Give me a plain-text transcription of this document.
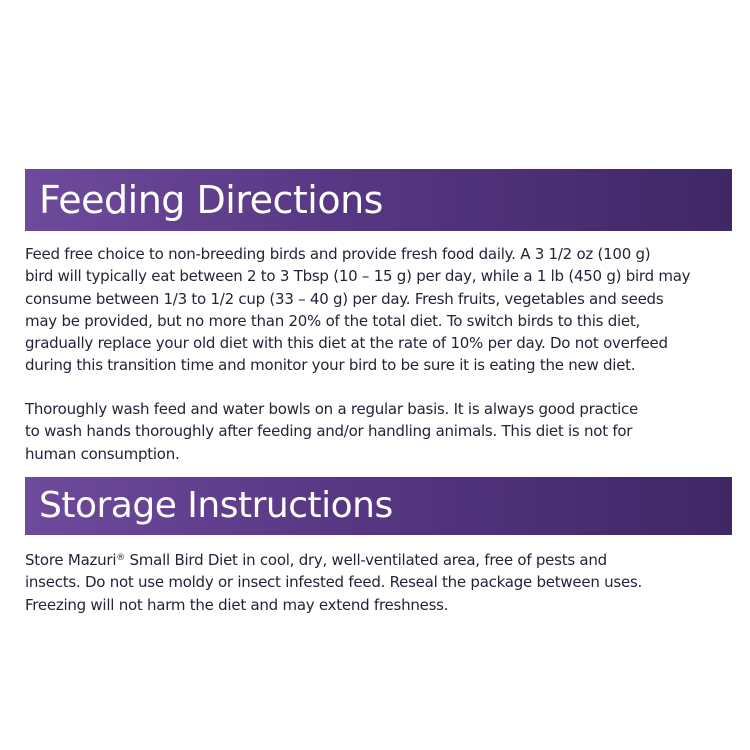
Feeding Directions

Feed free choice to non-breeding birds and provide fresh food daily. A 3 1/2 oz (100 g)
bird will typically eat between 2 to 3 Tbsp (10 – 15 g) per day, while a 1 lb (450 g) bird may
consume between 1/3 to 1/2 cup (33 – 40 g) per day. Fresh fruits, vegetables and seeds
may be provided, but no more than 20% of the total diet. To switch birds to this diet,
gradually replace your old diet with this diet at the rate of 10% per day. Do not overfeed
during this transition time and monitor your bird to be sure it is eating the new diet.

Thoroughly wash feed and water bowls on a regular basis. It is always good practice
to wash hands thoroughly after feeding and/or handling animals. This diet is not for
human consumption.

Storage Instructions

Store Mazuri® Small Bird Diet in cool, dry, well-ventilated area, free of pests and
insects. Do not use moldy or insect infested feed. Reseal the package between uses.
Freezing will not harm the diet and may extend freshness.
